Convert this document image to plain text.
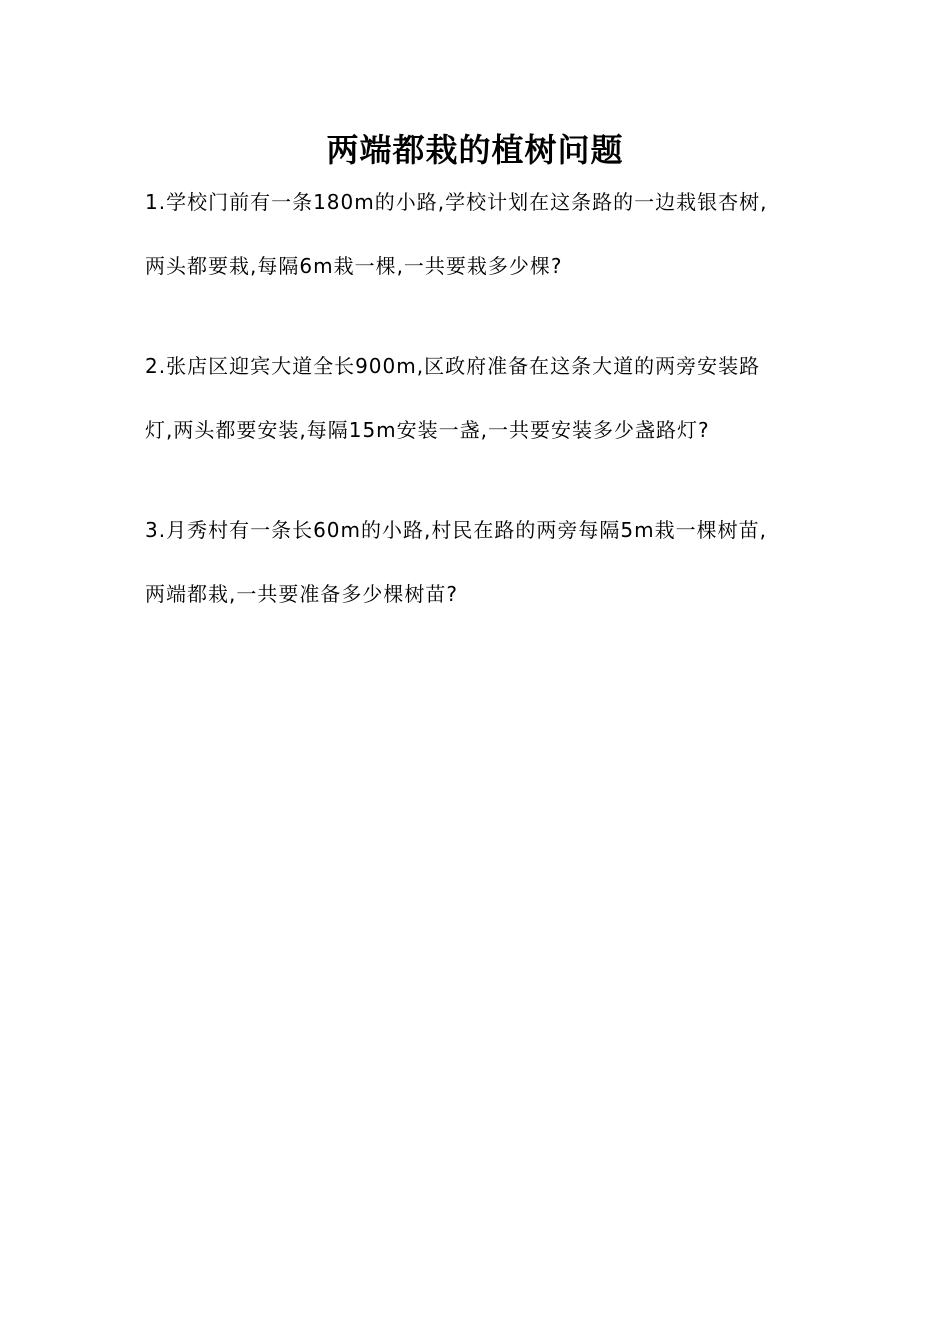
两端都栽的植树问题
1.学校门前有一条180m的小路,学校计划在这条路的一边栽银杏树,
两头都要栽,每隔6m栽一棵,一共要栽多少棵?
2.张店区迎宾大道全长900m,区政府准备在这条大道的两旁安装路
灯,两头都要安装,每隔15m安装一盏,一共要安装多少盏路灯?
3.月秀村有一条长60m的小路,村民在路的两旁每隔5m栽一棵树苗,
两端都栽,一共要准备多少棵树苗?
